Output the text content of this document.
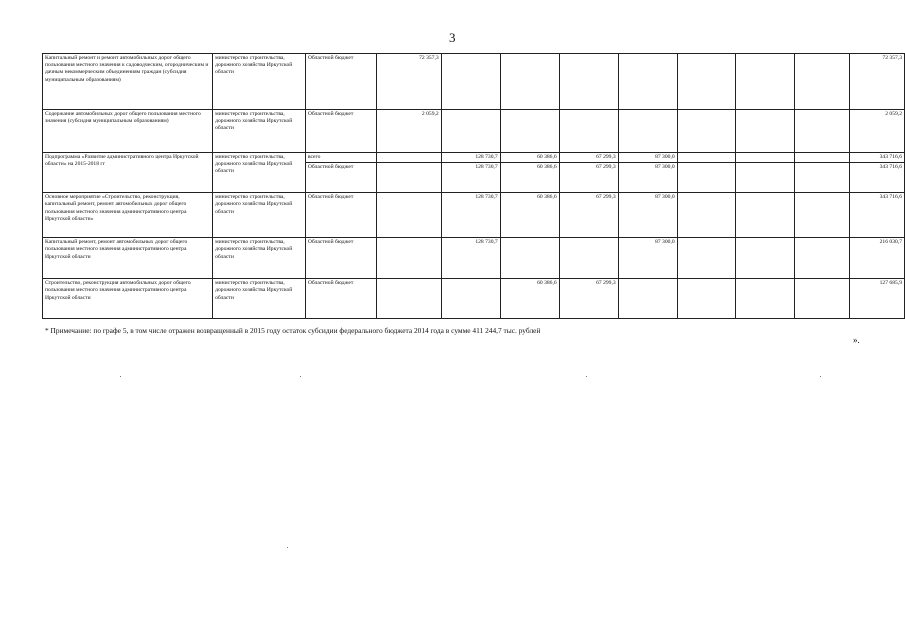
3
Капитальный ремонт и ремонт автомобильных дорог общего пользования местного значения к садоводческим, огородническим и дачным некоммерческим объединениям граждан (субсидия муниципальным образованиям)	министерство строительства, дорожного хозяйства Иркутской области	Областной бюджет	72 357,3								72 357,3
Содержание автомобильных дорог общего пользования местного значения (субсидия муниципальным образованиям)	министерство строительства, дорожного хозяйства Иркутской области	Областной бюджет	2 059,2								2 059,2
Подпрограмма «Развитие административного центра Иркутской области» на 2015-2018 гг	министерство строительства, дорожного хозяйства Иркутской области	всего		128 730,7	60 386,6	67 299,3	87 300,0				343 716,6
		Областной бюджет		128 730,7	60 386,6	67 299,3	87 300,0				343 716,6
Основное мероприятие «Строительство, реконструкция, капитальный ремонт, ремонт автомобильных дорог общего пользования местного значения административного центра Иркутской области»	министерство строительства, дорожного хозяйства Иркутской области	Областной бюджет		128 730,7	60 386,6	67 299,3	87 300,0				343 716,6
Капитальный ремонт, ремонт автомобильных дорог общего пользования местного значения административного центра Иркутской области	министерство строительства, дорожного хозяйства Иркутской области	Областной бюджет		128 730,7			87 300,0				216 030,7
Строительство, реконструкция автомобильных дорог общего пользования местного значения административного центра Иркутской области	министерство строительства, дорожного хозяйства Иркутской области	Областной бюджет			60 386,6	67 299,3					127 685,9
* Примечание: по графе 5, в том числе отражен возвращенный в 2015 году остаток субсидии федерального бюджета 2014 года в сумме 411 244,7 тыс. рублей
».
